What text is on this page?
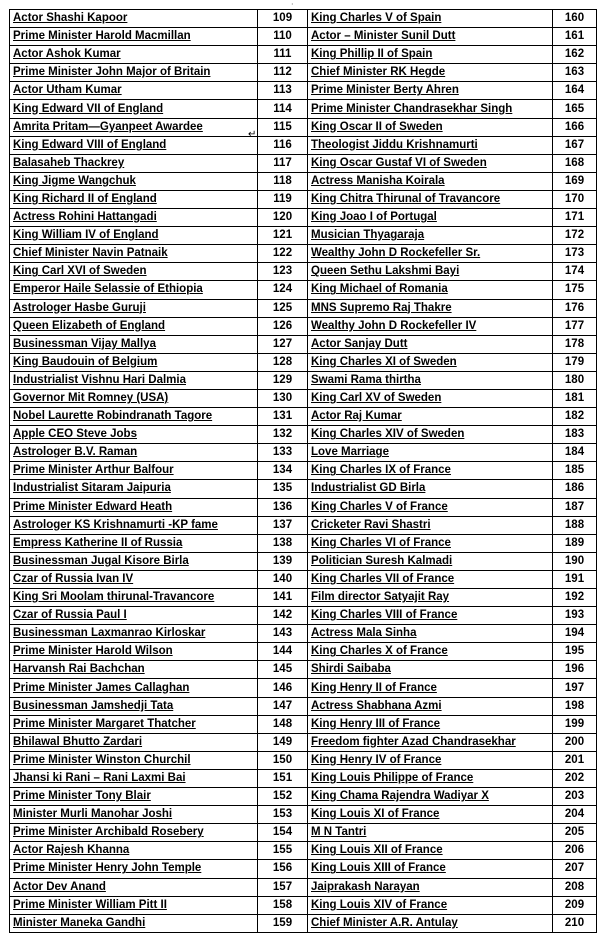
·
Actor Shashi Kapoor	109	King Charles V of Spain	160
Prime Minister Harold Macmillan	110	Actor – Minister Sunil Dutt	161
Actor Ashok Kumar	111	King Phillip II of Spain	162
Prime Minister John Major of Britain	112	Chief Minister RK Hegde	163
Actor Utham Kumar	113	Prime Minister Berty Ahren	164
King Edward VII of England	114	Prime Minister Chandrasekhar Singh	165
Amrita Pritam—Gyanpeet Awardee	115	King Oscar II of Sweden	166
King Edward VIII of England	116	Theologist Jiddu Krishnamurti	167
Balasaheb Thackrey	117	King Oscar Gustaf VI of Sweden	168
King Jigme Wangchuk	118	Actress Manisha Koirala	169
King Richard II of England	119	King Chitra Thirunal of Travancore	170
Actress Rohini Hattangadi	120	King Joao I of Portugal	171
King William IV of England	121	Musician Thyagaraja	172
Chief Minister Navin Patnaik	122	Wealthy John D Rockefeller Sr.	173
King Carl XVI of Sweden	123	Queen Sethu Lakshmi Bayi	174
Emperor Haile Selassie of Ethiopia	124	King Michael of Romania	175
Astrologer Hasbe Guruji	125	MNS Supremo Raj Thakre	176
Queen Elizabeth of England	126	Wealthy John D Rockefeller IV	177
Businessman Vijay Mallya	127	Actor Sanjay Dutt	178
King Baudouin of Belgium	128	King Charles XI of Sweden	179
Industrialist Vishnu Hari Dalmia	129	Swami Rama thirtha	180
Governor Mit Romney (USA)	130	King Carl XV of Sweden	181
Nobel Laurette Robindranath Tagore	131	Actor Raj Kumar	182
Apple CEO Steve Jobs	132	King Charles XIV of Sweden	183
Astrologer B.V. Raman	133	Love Marriage	184
Prime Minister Arthur Balfour	134	King Charles IX of France	185
Industrialist Sitaram Jaipuria	135	Industrialist GD Birla	186
Prime Minister Edward Heath	136	King Charles V of France	187
Astrologer KS Krishnamurti -KP fame	137	Cricketer Ravi Shastri	188
Empress Katherine II of Russia	138	King Charles VI of France	189
Businessman Jugal Kisore Birla	139	Politician Suresh Kalmadi	190
Czar of Russia Ivan IV	140	King Charles VII of France	191
King Sri Moolam thirunal-Travancore	141	Film director Satyajit Ray	192
Czar of Russia Paul I	142	King Charles VIII of France	193
Businessman Laxmanrao Kirloskar	143	Actress Mala Sinha	194
Prime Minister Harold Wilson	144	King Charles X of France	195
Harvansh Rai Bachchan	145	Shirdi Saibaba	196
Prime Minister James Callaghan	146	King Henry II of France	197
Businessman Jamshedji Tata	147	Actress Shabhana Azmi	198
Prime Minister Margaret Thatcher	148	King Henry III of France	199
Bhilawal Bhutto Zardari	149	Freedom fighter Azad Chandrasekhar	200
Prime Minister Winston Churchil	150	King Henry IV of France	201
Jhansi ki Rani – Rani Laxmi Bai	151	King Louis Philippe of France	202
Prime Minister Tony Blair	152	King Chama Rajendra Wadiyar X	203
Minister Murli Manohar Joshi	153	King Louis XI of France	204
Prime Minister Archibald Rosebery	154	M N Tantri	205
Actor Rajesh Khanna	155	King Louis XII of France	206
Prime Minister Henry John Temple	156	King Louis XIII of France	207
Actor Dev Anand	157	Jaiprakash Narayan	208
Prime Minister William Pitt II	158	King Louis XIV of France	209
Minister Maneka Gandhi	159	Chief Minister A.R. Antulay	210
↵
